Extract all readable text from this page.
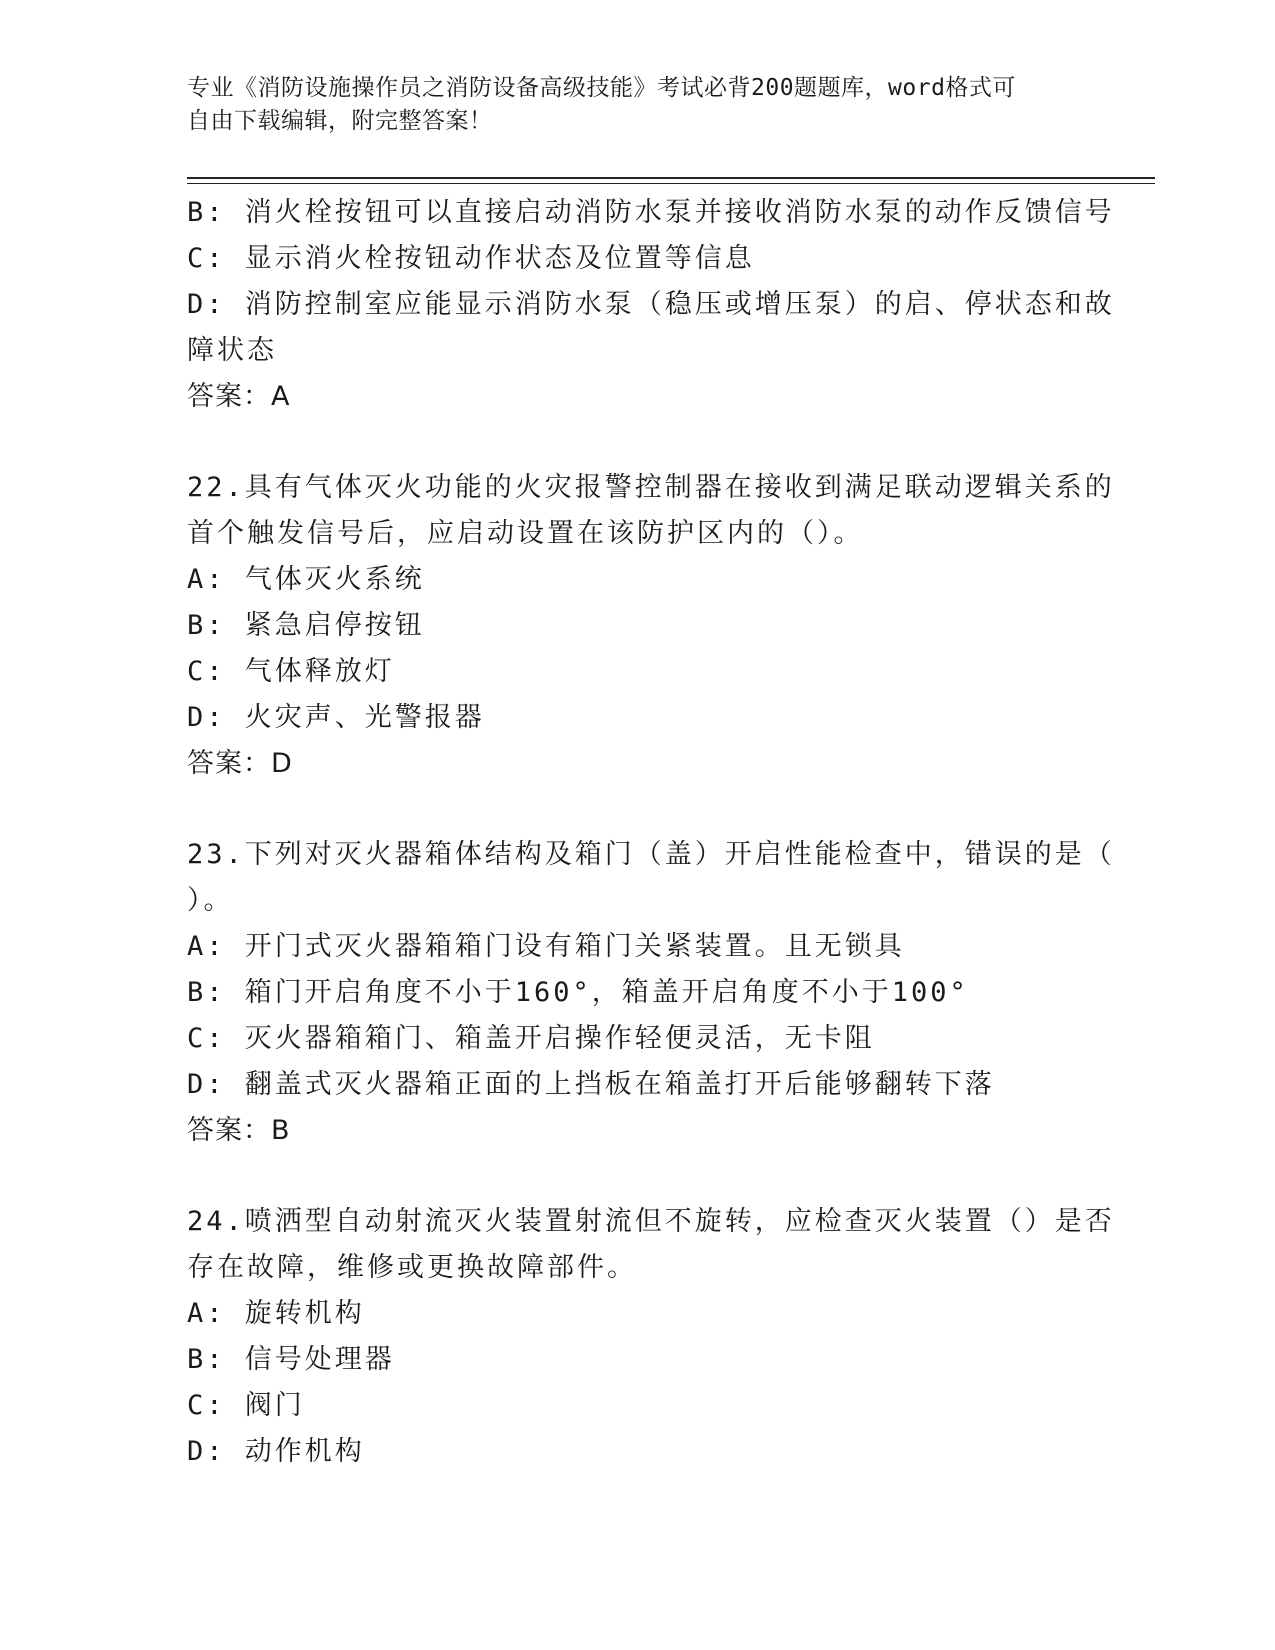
专业《消防设施操作员之消防设备高级技能》考试必背200题题库，word格式可
自由下载编辑，附完整答案！
B: 消火栓按钮可以直接启动消防水泵并接收消防水泵的动作反馈信号
C: 显示消火栓按钮动作状态及位置等信息
D: 消防控制室应能显示消防水泵（稳压或增压泵）的启、停状态和故
障状态
答案：A
22.具有气体灭火功能的火灾报警控制器在接收到满足联动逻辑关系的
首个触发信号后，应启动设置在该防护区内的（）。
A: 气体灭火系统
B: 紧急启停按钮
C: 气体释放灯
D: 火灾声、光警报器
答案：D
23.下列对灭火器箱体结构及箱门（盖）开启性能检查中，错误的是（
）。
A: 开门式灭火器箱箱门设有箱门关紧装置。且无锁具
B: 箱门开启角度不小于160°，箱盖开启角度不小于100°
C: 灭火器箱箱门、箱盖开启操作轻便灵活，无卡阻
D: 翻盖式灭火器箱正面的上挡板在箱盖打开后能够翻转下落
答案：B
24.喷洒型自动射流灭火装置射流但不旋转，应检查灭火装置（）是否
存在故障，维修或更换故障部件。
A: 旋转机构
B: 信号处理器
C: 阀门
D: 动作机构
